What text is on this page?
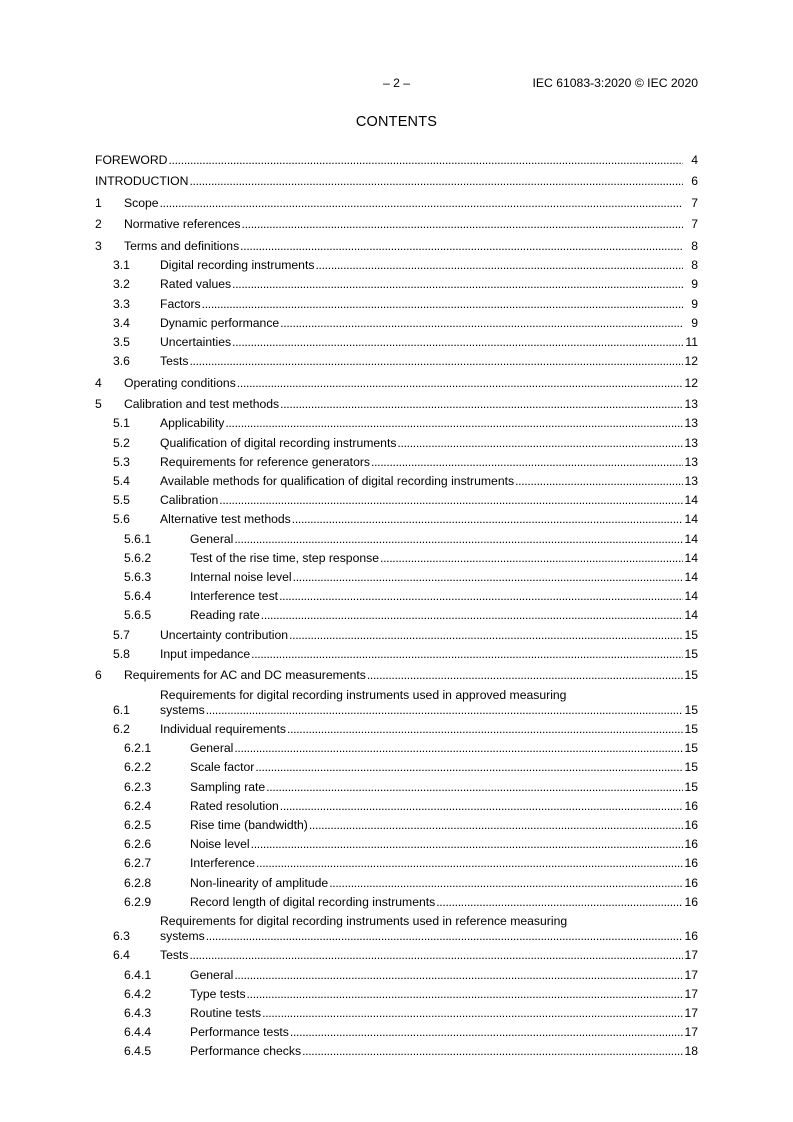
– 2 –	IEC 61083-3:2020 © IEC 2020
CONTENTS
FOREWORD . . .	4
INTRODUCTION . . .	6
1	Scope . . .	7
2	Normative references . . .	7
3	Terms and definitions . . .	8
3.1	Digital recording instruments . . .	8
3.2	Rated values . . .	9
3.3	Factors . . .	9
3.4	Dynamic performance . . .	9
3.5	Uncertainties . . .	11
3.6	Tests . . .	12
4	Operating conditions . . .	12
5	Calibration and test methods . . .	13
5.1	Applicability . . .	13
5.2	Qualification of digital recording instruments . . .	13
5.3	Requirements for reference generators . . .	13
5.4	Available methods for qualification of digital recording instruments . . .	13
5.5	Calibration . . .	14
5.6	Alternative test methods . . .	14
5.6.1	General . . .	14
5.6.2	Test of the rise time, step response . . .	14
5.6.3	Internal noise level . . .	14
5.6.4	Interference test . . .	14
5.6.5	Reading rate . . .	14
5.7	Uncertainty contribution . . .	15
5.8	Input impedance . . .	15
6	Requirements for AC and DC measurements . . .	15
6.1
Requirements for digital recording instruments used in approved measuring
systems . . .	15
6.2	Individual requirements . . .	15
6.2.1	General . . .	15
6.2.2	Scale factor . . .	15
6.2.3	Sampling rate . . .	15
6.2.4	Rated resolution . . .	16
6.2.5	Rise time (bandwidth) . . .	16
6.2.6	Noise level . . .	16
6.2.7	Interference . . .	16
6.2.8	Non-linearity of amplitude . . .	16
6.2.9	Record length of digital recording instruments . . .	16
6.3
Requirements for digital recording instruments used in reference measuring
systems . . .	16
6.4	Tests . . .	17
6.4.1	General . . .	17
6.4.2	Type tests . . .	17
6.4.3	Routine tests . . .	17
6.4.4	Performance tests . . .	17
6.4.5	Performance checks . . .	18
